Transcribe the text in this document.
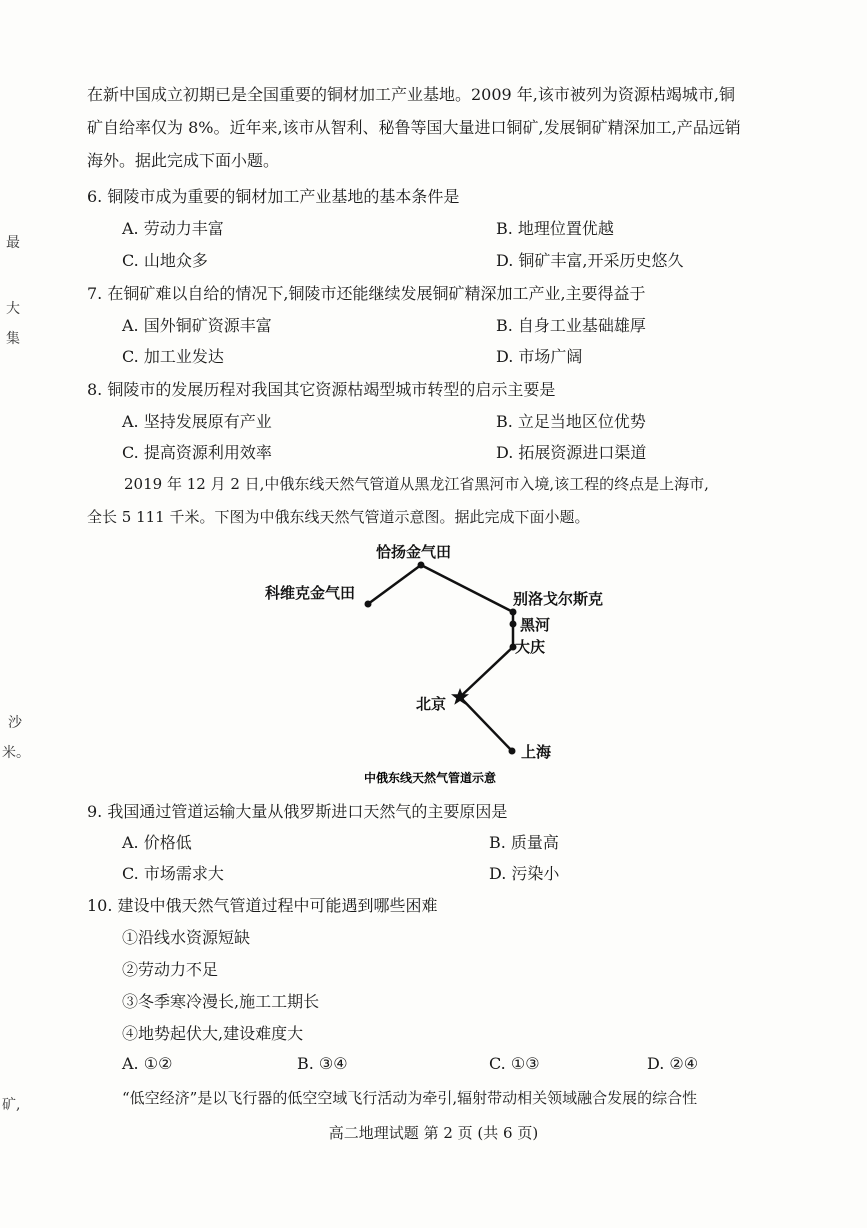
最
大
集
沙
米。
矿,
在新中国成立初期已是全国重要的铜材加工产业基地。2009 年,该市被列为资源枯竭城市,铜
矿自给率仅为 8%。近年来,该市从智利、秘鲁等国大量进口铜矿,发展铜矿精深加工,产品远销
海外。据此完成下面小题。
6. 铜陵市成为重要的铜材加工产业基地的基本条件是
A. 劳动力丰富	B. 地理位置优越
C. 山地众多	D. 铜矿丰富,开采历史悠久
7. 在铜矿难以自给的情况下,铜陵市还能继续发展铜矿精深加工产业,主要得益于
A. 国外铜矿资源丰富	B. 自身工业基础雄厚
C. 加工业发达	D. 市场广阔
8. 铜陵市的发展历程对我国其它资源枯竭型城市转型的启示主要是
A. 坚持发展原有产业	B. 立足当地区位优势
C. 提高资源利用效率	D. 拓展资源进口渠道
2019 年 12 月 2 日,中俄东线天然气管道从黑龙江省黑河市入境,该工程的终点是上海市,
全长 5 111 千米。下图为中俄东线天然气管道示意图。据此完成下面小题。
恰扬金气田
科维克金气田	别洛戈尔斯克
黑河
大庆
北京
上海
中俄东线天然气管道示意
9. 我国通过管道运输大量从俄罗斯进口天然气的主要原因是
A. 价格低	B. 质量高
C. 市场需求大	D. 污染小
10. 建设中俄天然气管道过程中可能遇到哪些困难
①沿线水资源短缺
②劳动力不足
③冬季寒冷漫长,施工工期长
④地势起伏大,建设难度大
A. ①②	B. ③④	C. ①③	D. ②④
“低空经济”是以飞行器的低空空域飞行活动为牵引,辐射带动相关领域融合发展的综合性
高二地理试题 第 2 页 (共 6 页)
